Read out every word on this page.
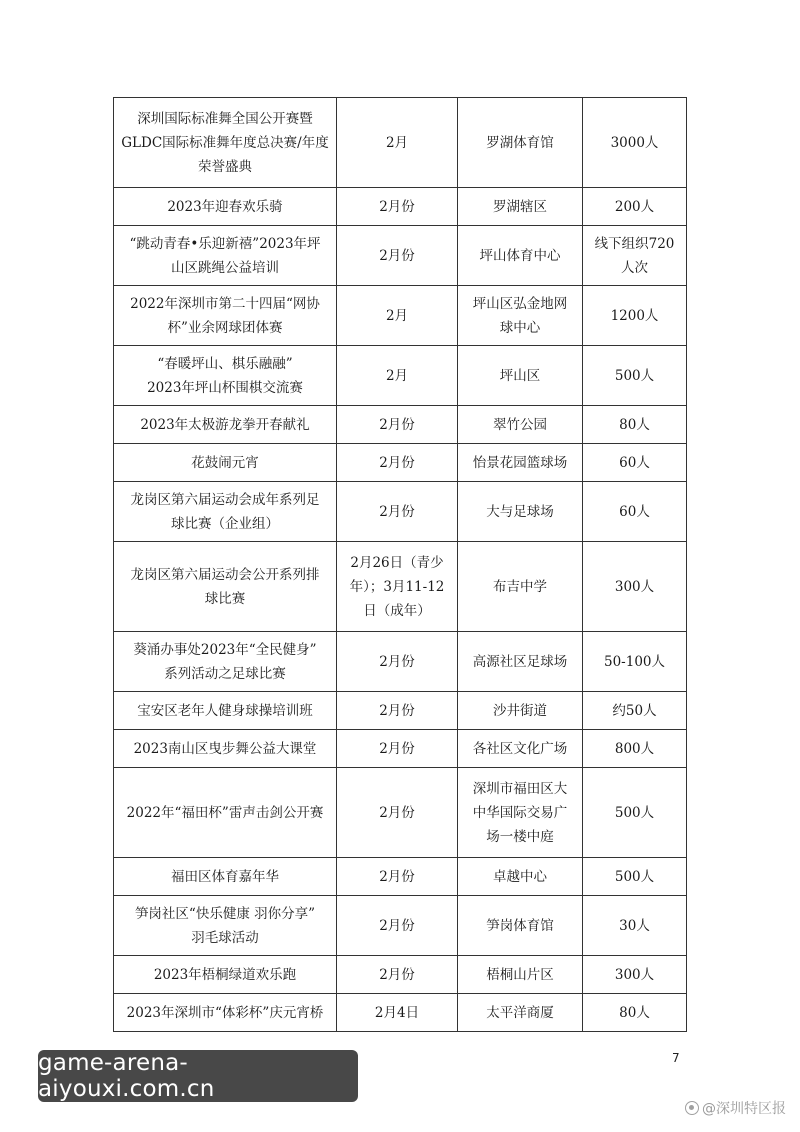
深圳国际标准舞全国公开赛暨
GLDC国际标准舞年度总决赛/年度
荣誉盛典	2月	罗湖体育馆	3000人

2023年迎春欢乐骑	2月份	罗湖辖区	200人

“跳动青春•乐迎新禧”2023年坪
山区跳绳公益培训	2月份	坪山体育中心	线下组织720
人次

2022年深圳市第二十四届“网协
杯”业余网球团体赛	2月	坪山区弘金地网
球中心	1200人

“春暖坪山、棋乐融融”
2023年坪山杯围棋交流赛	2月	坪山区	500人

2023年太极游龙拳开春献礼	2月份	翠竹公园	80人

花鼓闹元宵	2月份	怡景花园篮球场	60人

龙岗区第六届运动会成年系列足
球比赛（企业组）	2月份	大与足球场	60人

龙岗区第六届运动会公开系列排
球比赛	2月26日（青少
年）；3月11-12
日（成年）	布吉中学	300人

葵涌办事处2023年“全民健身”
系列活动之足球比赛	2月份	高源社区足球场	50-100人

宝安区老年人健身球操培训班	2月份	沙井街道	约50人

2023南山区曳步舞公益大课堂	2月份	各社区文化广场	800人

2022年“福田杯”雷声击剑公开赛	2月份	深圳市福田区大
中华国际交易广
场一楼中庭	500人

福田区体育嘉年华	2月份	卓越中心	500人

笋岗社区“快乐健康 羽你分享”
羽毛球活动	2月份	笋岗体育馆	30人

2023年梧桐绿道欢乐跑	2月份	梧桐山片区	300人

2023年深圳市“体彩杯”庆元宵桥	2月4日	太平洋商厦	80人
7
game-arena-aiyouxi.com.cn
@深圳特区报
